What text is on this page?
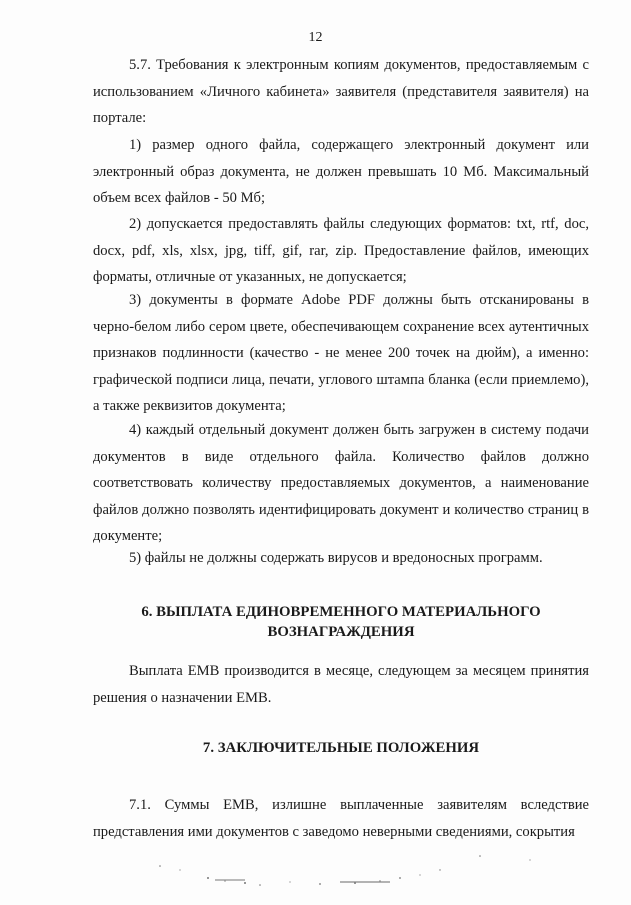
12

5.7. Требования к электронным копиям документов, предоставляемым с использованием «Личного кабинета» заявителя (представителя заявителя) на портале:

1) размер одного файла, содержащего электронный документ или электронный образ документа, не должен превышать 10 Мб. Максимальный объем всех файлов - 50 Мб;

2) допускается предоставлять файлы следующих форматов: txt, rtf, doc, docx, pdf, xls, xlsx, jpg, tiff, gif, rar, zip. Предоставление файлов, имеющих форматы, отличные от указанных, не допускается;

3) документы в формате Adobe PDF должны быть отсканированы в черно-белом либо сером цвете, обеспечивающем сохранение всех аутентичных признаков подлинности (качество - не менее 200 точек на дюйм), а именно: графической подписи лица, печати, углового штампа бланка (если приемлемо), а также реквизитов документа;

4) каждый отдельный документ должен быть загружен в систему подачи документов в виде отдельного файла. Количество файлов должно соответствовать количеству предоставляемых документов, а наименование файлов должно позволять идентифицировать документ и количество страниц в документе;

5) файлы не должны содержать вирусов и вредоносных программ.

6. ВЫПЛАТА ЕДИНОВРЕМЕННОГО МАТЕРИАЛЬНОГО
ВОЗНАГРАЖДЕНИЯ

Выплата ЕМВ производится в месяце, следующем за месяцем принятия решения о назначении ЕМВ.

7. ЗАКЛЮЧИТЕЛЬНЫЕ ПОЛОЖЕНИЯ

7.1. Суммы ЕМВ, излишне выплаченные заявителям вследствие представления ими документов с заведомо неверными сведениями, сокрытия
